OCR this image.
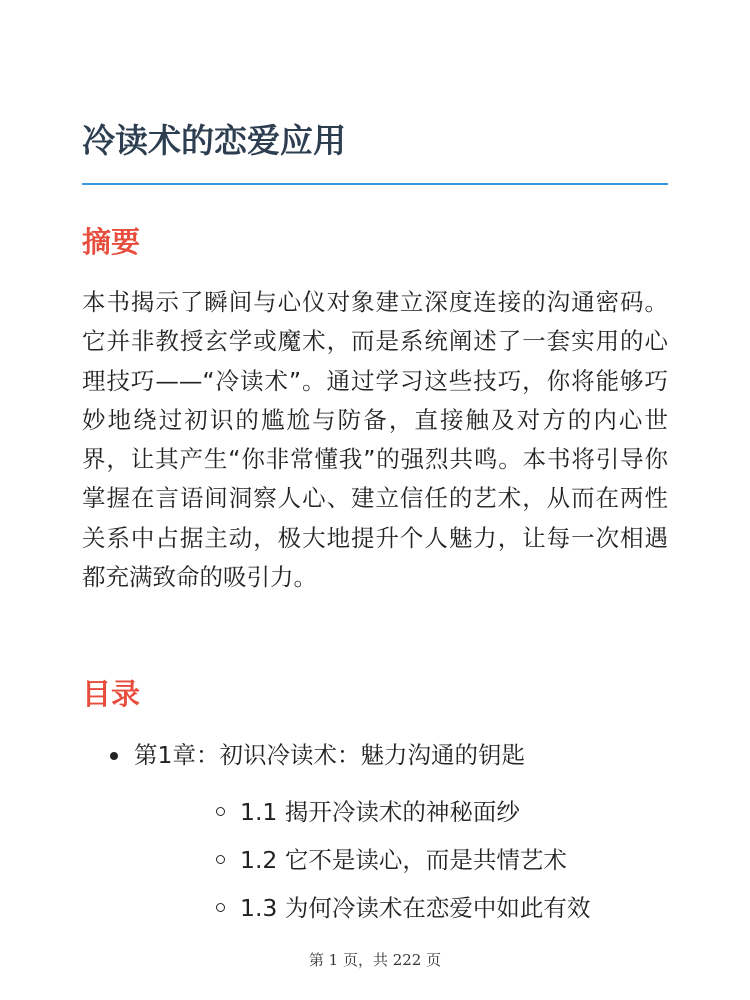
冷读术的恋爱应用
摘要

本书揭示了瞬间与心仪对象建立深度连接的沟通密码。它并非教授玄学或魔术，而是系统阐述了一套实用的心理技巧——“冷读术”。通过学习这些技巧，你将能够巧妙地绕过初识的尴尬与防备，直接触及对方的内心世界，让其产生“你非常懂我”的强烈共鸣。本书将引导你掌握在言语间洞察人心、建立信任的艺术，从而在两性关系中占据主动，极大地提升个人魅力，让每一次相遇都充满致命的吸引力。

目录
第1章：初识冷读术：魅力沟通的钥匙
1.1 揭开冷读术的神秘面纱
1.2 它不是读心，而是共情艺术
1.3 为何冷读术在恋爱中如此有效
第 1 页，共 222 页
